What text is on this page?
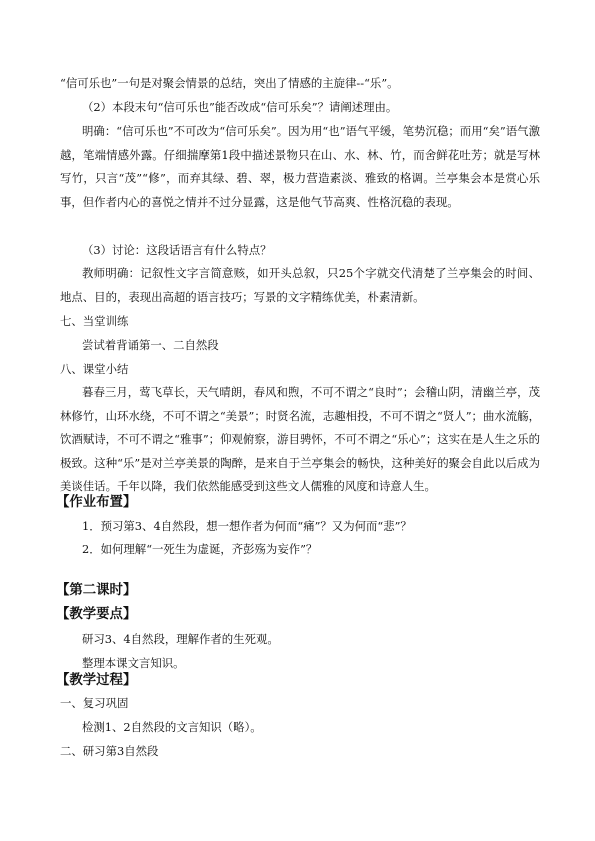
“信可乐也”一句是对聚会情景的总结，突出了情感的主旋律--“乐”。

（2）本段末句“信可乐也”能否改成“信可乐矣”？请阐述理由。

明确：“信可乐也”不可改为“信可乐矣”。因为用“也”语气平缓，笔势沉稳；而用“矣”语气激越，笔端情感外露。仔细揣摩第1段中描述景物只在山、水、林、竹，而舍鲜花吐芳；就是写林写竹，只言“茂”“修”，而弃其绿、碧、翠，极力营造素淡、雅致的格调。兰亭集会本是赏心乐事，但作者内心的喜悦之情并不过分显露，这是他气节高爽、性格沉稳的表现。

（3）讨论：这段话语言有什么特点？

教师明确：记叙性文字言简意赅，如开头总叙，只25个字就交代清楚了兰亭集会的时间、地点、目的，表现出高超的语言技巧；写景的文字精练优美，朴素清新。

七、当堂训练

尝试着背诵第一、二自然段

八、课堂小结

暮春三月，莺飞草长，天气晴朗，春风和煦，不可不谓之“良时”；会稽山阴，清幽兰亭，茂林修竹，山环水绕，不可不谓之“美景”；时贤名流，志趣相投，不可不谓之“贤人”；曲水流觞，饮酒赋诗，不可不谓之“雅事”；仰观俯察，游目骋怀，不可不谓之“乐心”；这实在是人生之乐的极致。这种“乐”是对兰亭美景的陶醉，是来自于兰亭集会的畅快，这种美好的聚会自此以后成为美谈佳话。千年以降，我们依然能感受到这些文人儒雅的风度和诗意人生。

【作业布置】

1．预习第3、4自然段，想一想作者为何而“痛”？又为何而“悲”？

2．如何理解“一死生为虚诞，齐彭殇为妄作”？

【第二课时】

【教学要点】

研习3、4自然段，理解作者的生死观。

整理本课文言知识。

【教学过程】

一、复习巩固

检测1、2自然段的文言知识（略）。

二、研习第3自然段
